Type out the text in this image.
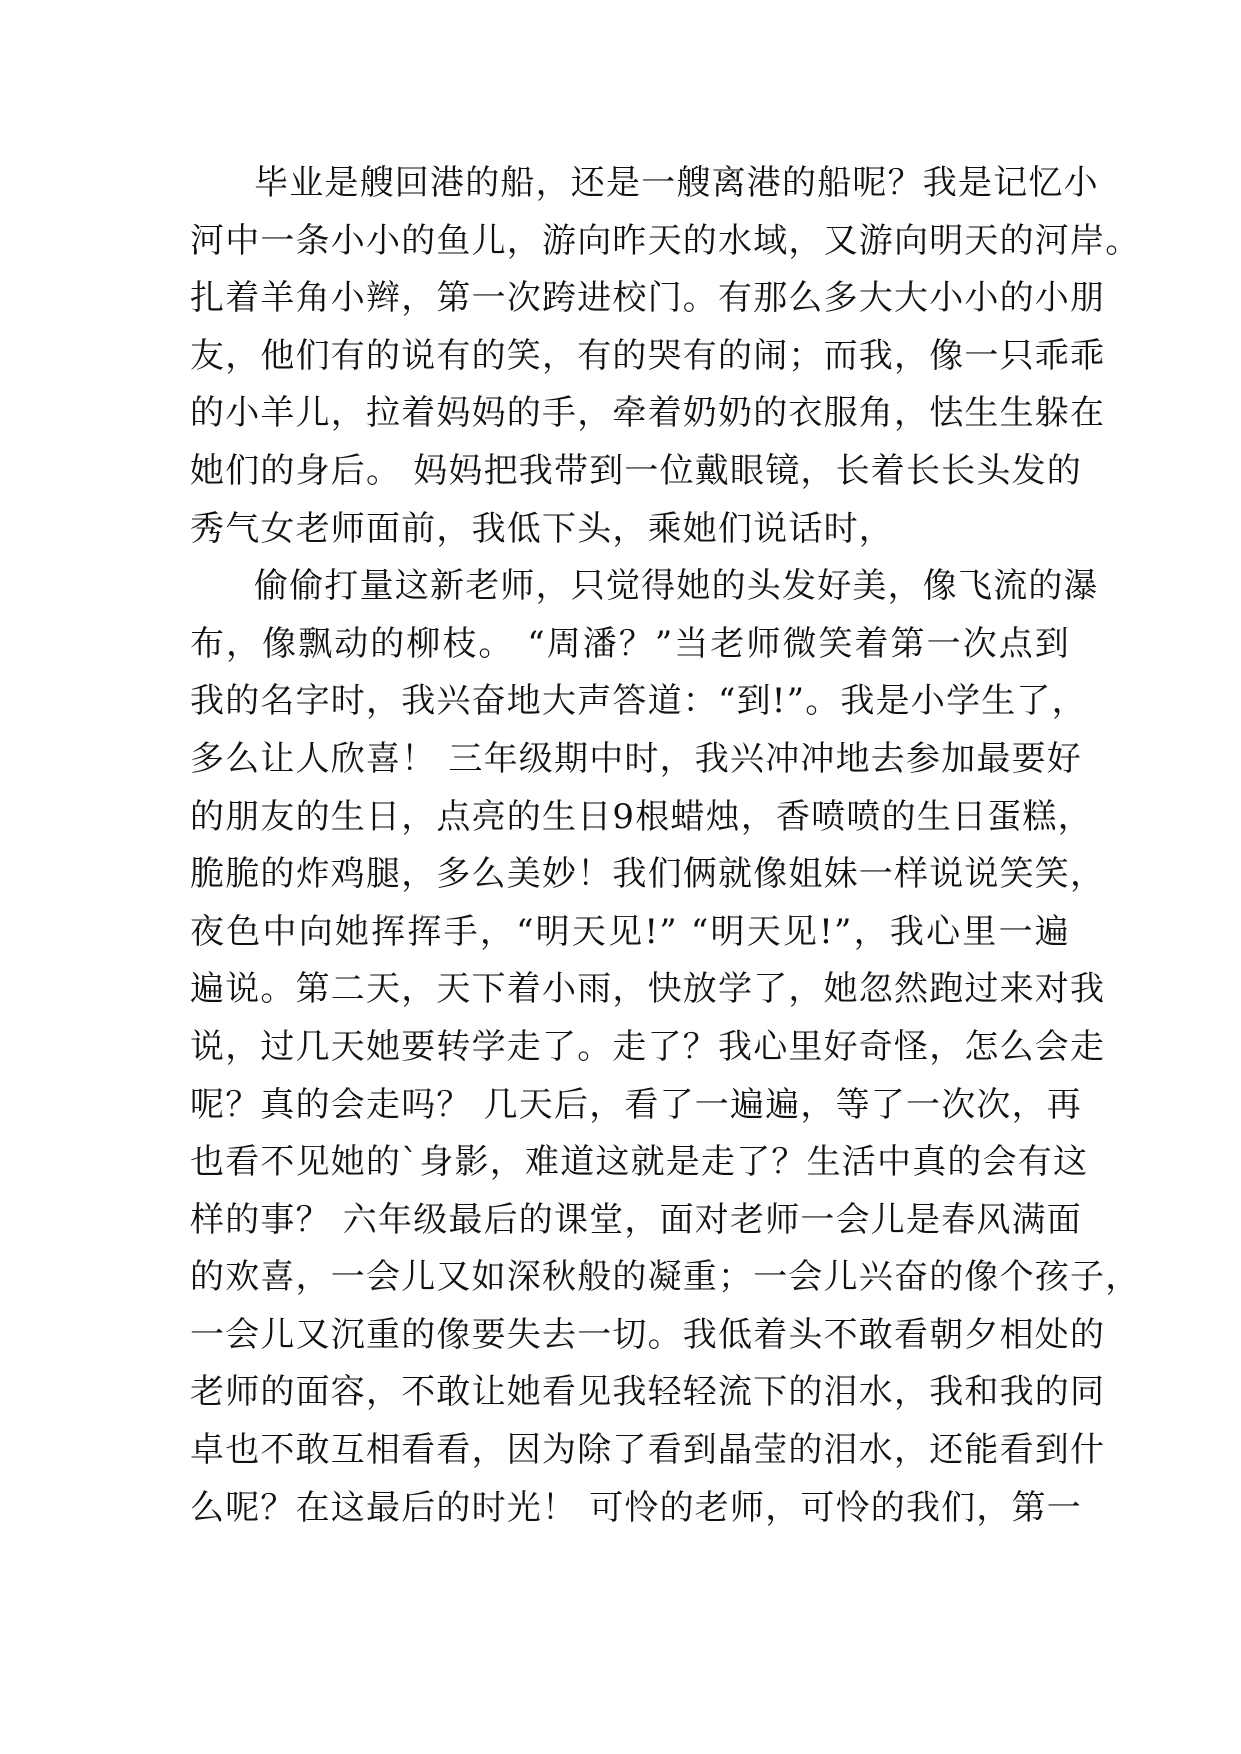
毕业是艘回港的船，还是一艘离港的船呢？我是记忆小
河中一条小小的鱼儿，游向昨天的水域，又游向明天的河岸。
扎着羊角小辫，第一次跨进校门。有那么多大大小小的小朋
友，他们有的说有的笑，有的哭有的闹；而我，像一只乖乖
的小羊儿，拉着妈妈的手，牵着奶奶的衣服角，怯生生躲在
她们的身后。 妈妈把我带到一位戴眼镜，长着长长头发的
秀气女老师面前，我低下头，乘她们说话时，
偷偷打量这新老师，只觉得她的头发好美，像飞流的瀑
布，像飘动的柳枝。 “周潘？”当老师微笑着第一次点到
我的名字时，我兴奋地大声答道：“到!”。我是小学生了，
多么让人欣喜！ 三年级期中时，我兴冲冲地去参加最要好
的朋友的生日，点亮的生日9根蜡烛，香喷喷的生日蛋糕，
脆脆的炸鸡腿，多么美妙！我们俩就像姐妹一样说说笑笑，
夜色中向她挥挥手，“明天见!” “明天见!”，我心里一遍
遍说。第二天，天下着小雨，快放学了，她忽然跑过来对我
说，过几天她要转学走了。走了？我心里好奇怪，怎么会走
呢？真的会走吗？ 几天后，看了一遍遍，等了一次次，再
也看不见她的`身影，难道这就是走了？生活中真的会有这
样的事？ 六年级最后的课堂，面对老师一会儿是春风满面
的欢喜，一会儿又如深秋般的凝重；一会儿兴奋的像个孩子，
一会儿又沉重的像要失去一切。我低着头不敢看朝夕相处的
老师的面容，不敢让她看见我轻轻流下的泪水，我和我的同
卓也不敢互相看看，因为除了看到晶莹的泪水，还能看到什
么呢？在这最后的时光！ 可怜的老师，可怜的我们，第一
